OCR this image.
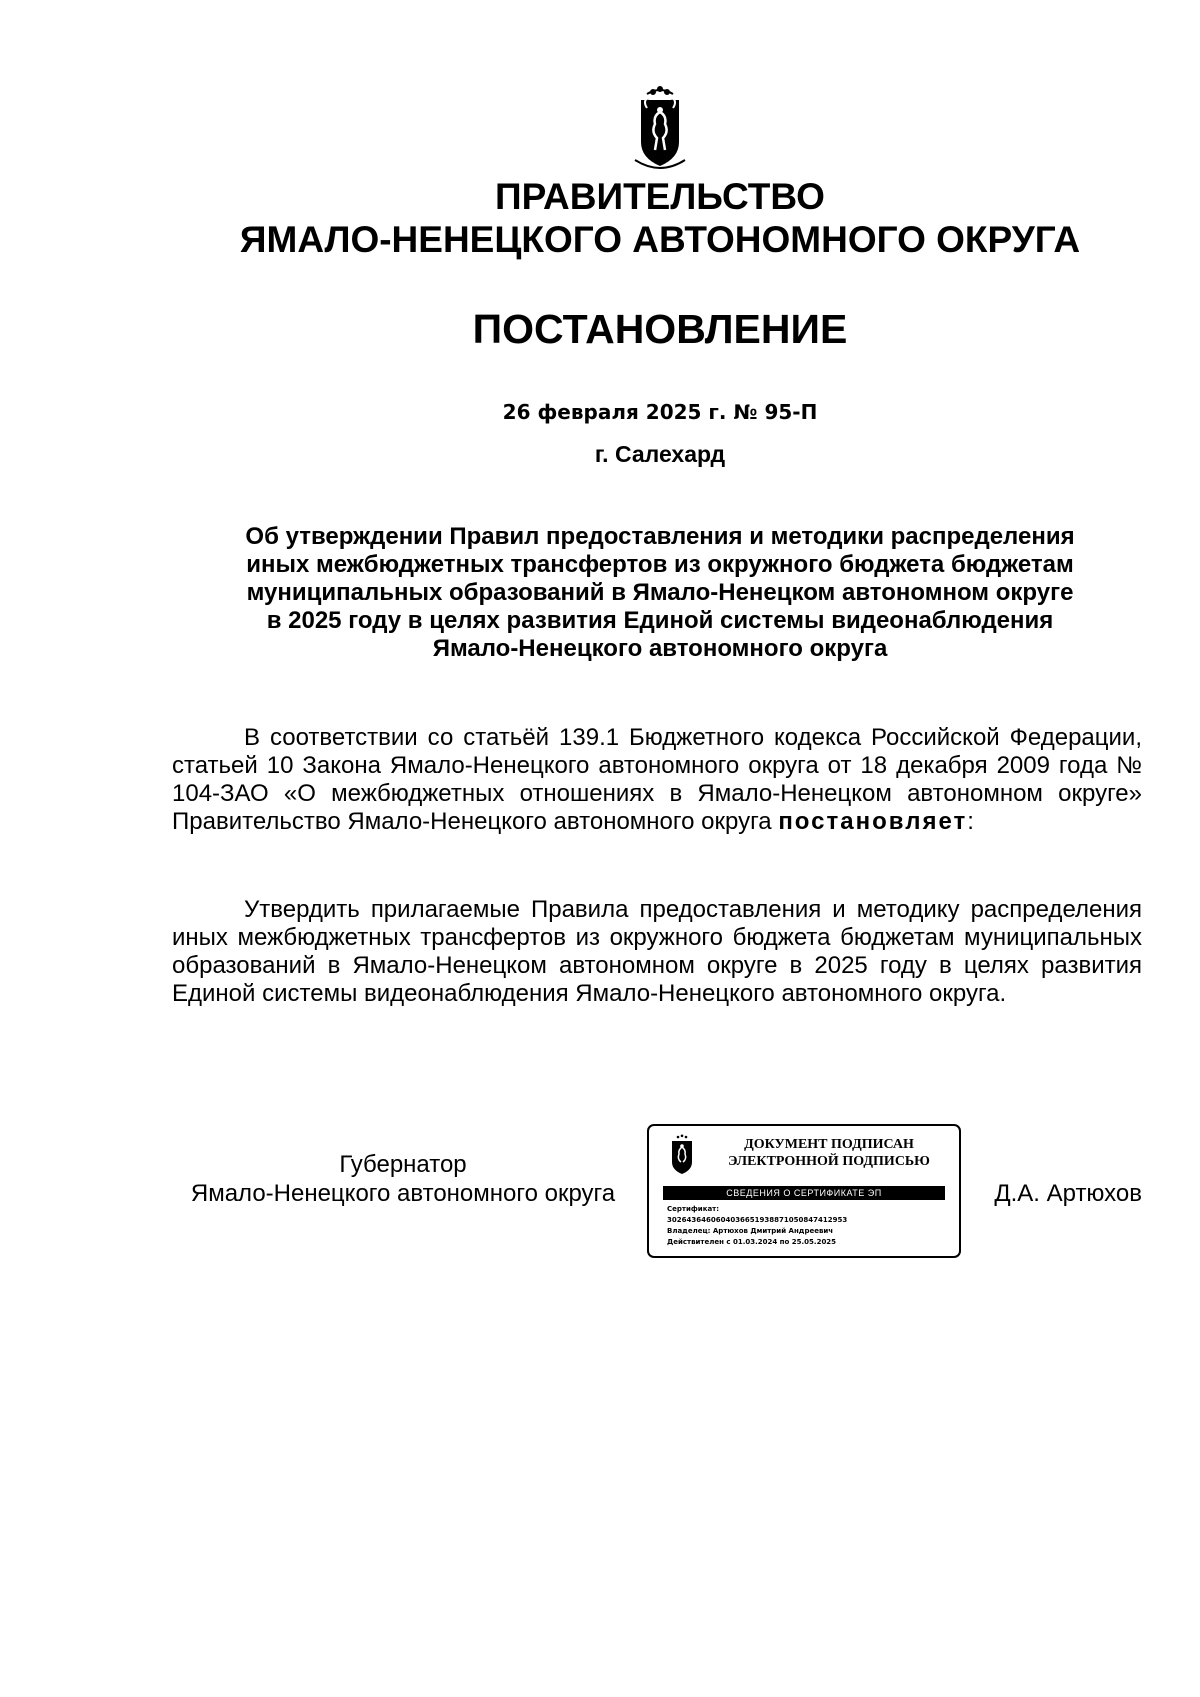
ПРАВИТЕЛЬСТВО
ЯМАЛО-НЕНЕЦКОГО АВТОНОМНОГО ОКРУГА
ПОСТАНОВЛЕНИЕ
26 февраля 2025 г. № 95-П
г. Салехард
Об утверждении Правил предоставления и методики распределения
иных межбюджетных трансфертов из окружного бюджета бюджетам
муниципальных образований в Ямало-Ненецком автономном округе
в 2025 году в целях развития Единой системы видеонаблюдения
Ямало-Ненецкого автономного округа
В соответствии со статьёй 139.1 Бюджетного кодекса Российской Федерации, статьей 10 Закона Ямало-Ненецкого автономного округа от 18 декабря 2009 года № 104-ЗАО «О межбюджетных отношениях в Ямало-Ненецком автономном округе» Правительство Ямало-Ненецкого автономного округа постановляет:
Утвердить прилагаемые Правила предоставления и методику распределения иных межбюджетных трансфертов из окружного бюджета бюджетам муниципальных образований в Ямало-Ненецком автономном округе в 2025 году в целях развития Единой системы видеонаблюдения Ямало-Ненецкого автономного округа.
Губернатор
Ямало-Ненецкого автономного округа
ДОКУМЕНТ ПОДПИСАН
ЭЛЕКТРОННОЙ ПОДПИСЬЮ
СВЕДЕНИЯ О СЕРТИФИКАТЕ ЭП
Сертификат:
3026436460604036651938871050847412953
Владелец: Артюхов Дмитрий Андреевич
Действителен с 01.03.2024 по 25.05.2025
Д.А. Артюхов
